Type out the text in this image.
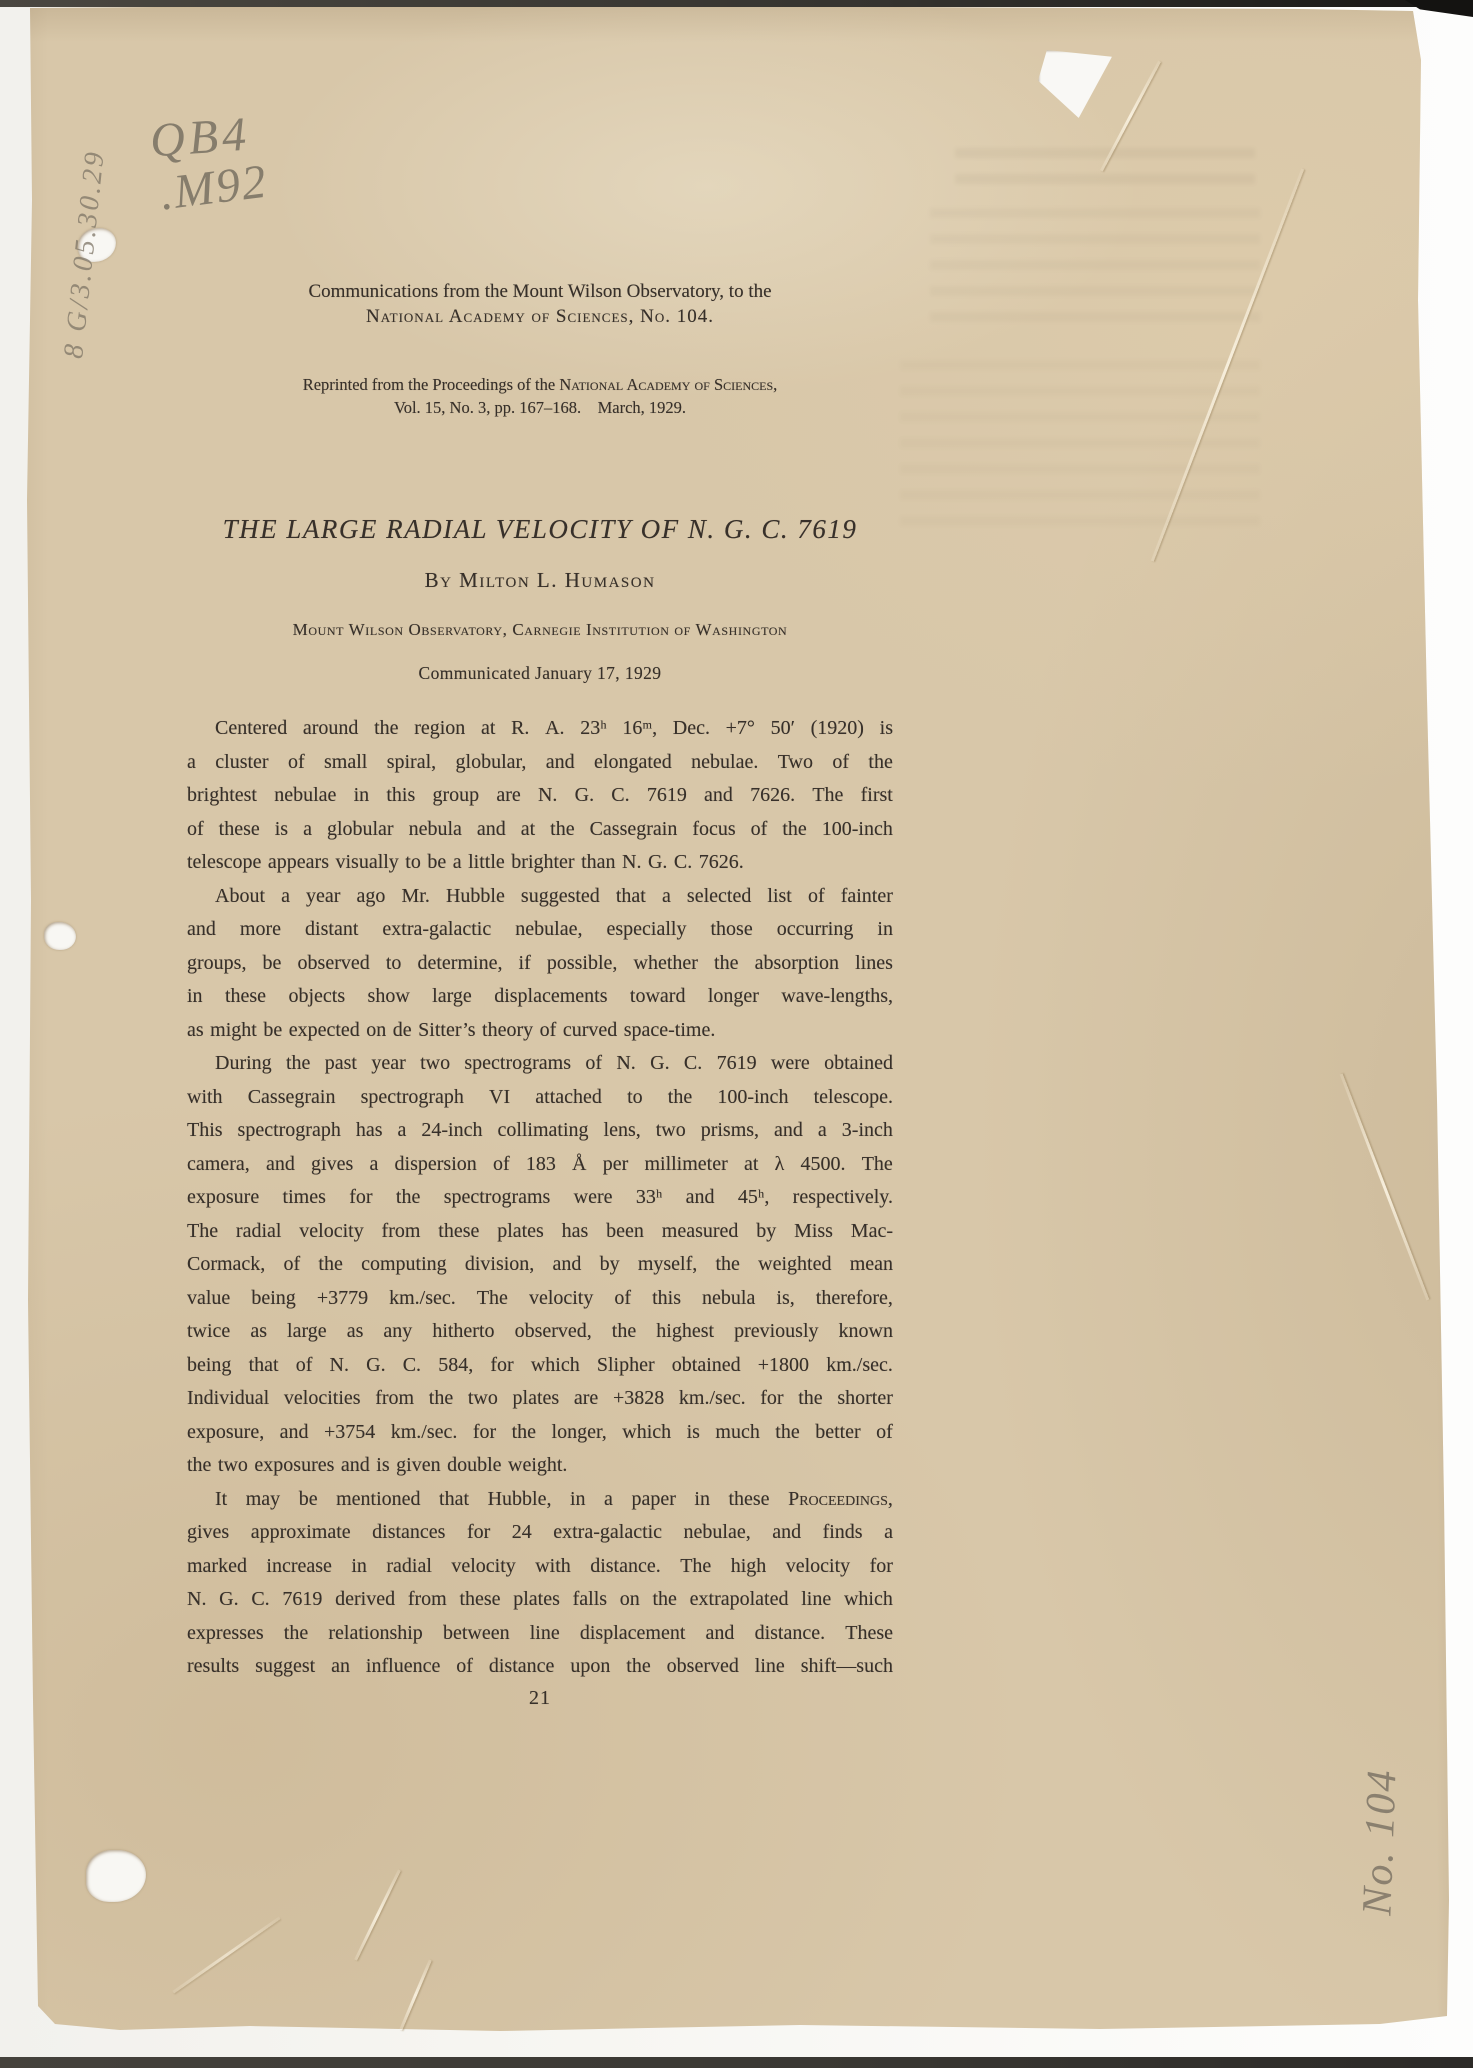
QB4
.M92
8 G/3.05.30.29
No. 104
Communications from the Mount Wilson Observatory, to the
National Academy of Sciences, No. 104.
Reprinted from the Proceedings of the National Academy of Sciences,
Vol. 15, No. 3, pp. 167–168. March, 1929.
THE LARGE RADIAL VELOCITY OF N. G. C. 7619
By Milton L. Humason
Mount Wilson Observatory, Carnegie Institution of Washington
Communicated January 17, 1929
Centered around the region at R. A. 23ʰ 16ᵐ, Dec. +7° 50′ (1920) is
a cluster of small spiral, globular, and elongated nebulae. Two of the
brightest nebulae in this group are N. G. C. 7619 and 7626. The first
of these is a globular nebula and at the Cassegrain focus of the 100-inch
telescope appears visually to be a little brighter than N. G. C. 7626.
About a year ago Mr. Hubble suggested that a selected list of fainter
and more distant extra-galactic nebulae, especially those occurring in
groups, be observed to determine, if possible, whether the absorption lines
in these objects show large displacements toward longer wave-lengths,
as might be expected on de Sitter’s theory of curved space-time.
During the past year two spectrograms of N. G. C. 7619 were obtained
with Cassegrain spectrograph VI attached to the 100-inch telescope.
This spectrograph has a 24-inch collimating lens, two prisms, and a 3-inch
camera, and gives a dispersion of 183 Å per millimeter at λ 4500. The
exposure times for the spectrograms were 33ʰ and 45ʰ, respectively.
The radial velocity from these plates has been measured by Miss Mac-
Cormack, of the computing division, and by myself, the weighted mean
value being +3779 km./sec. The velocity of this nebula is, therefore,
twice as large as any hitherto observed, the highest previously known
being that of N. G. C. 584, for which Slipher obtained +1800 km./sec.
Individual velocities from the two plates are +3828 km./sec. for the shorter
exposure, and +3754 km./sec. for the longer, which is much the better of
the two exposures and is given double weight.
It may be mentioned that Hubble, in a paper in these Proceedings,
gives approximate distances for 24 extra-galactic nebulae, and finds a
marked increase in radial velocity with distance. The high velocity for
N. G. C. 7619 derived from these plates falls on the extrapolated line which
expresses the relationship between line displacement and distance. These
results suggest an influence of distance upon the observed line shift—such
21
